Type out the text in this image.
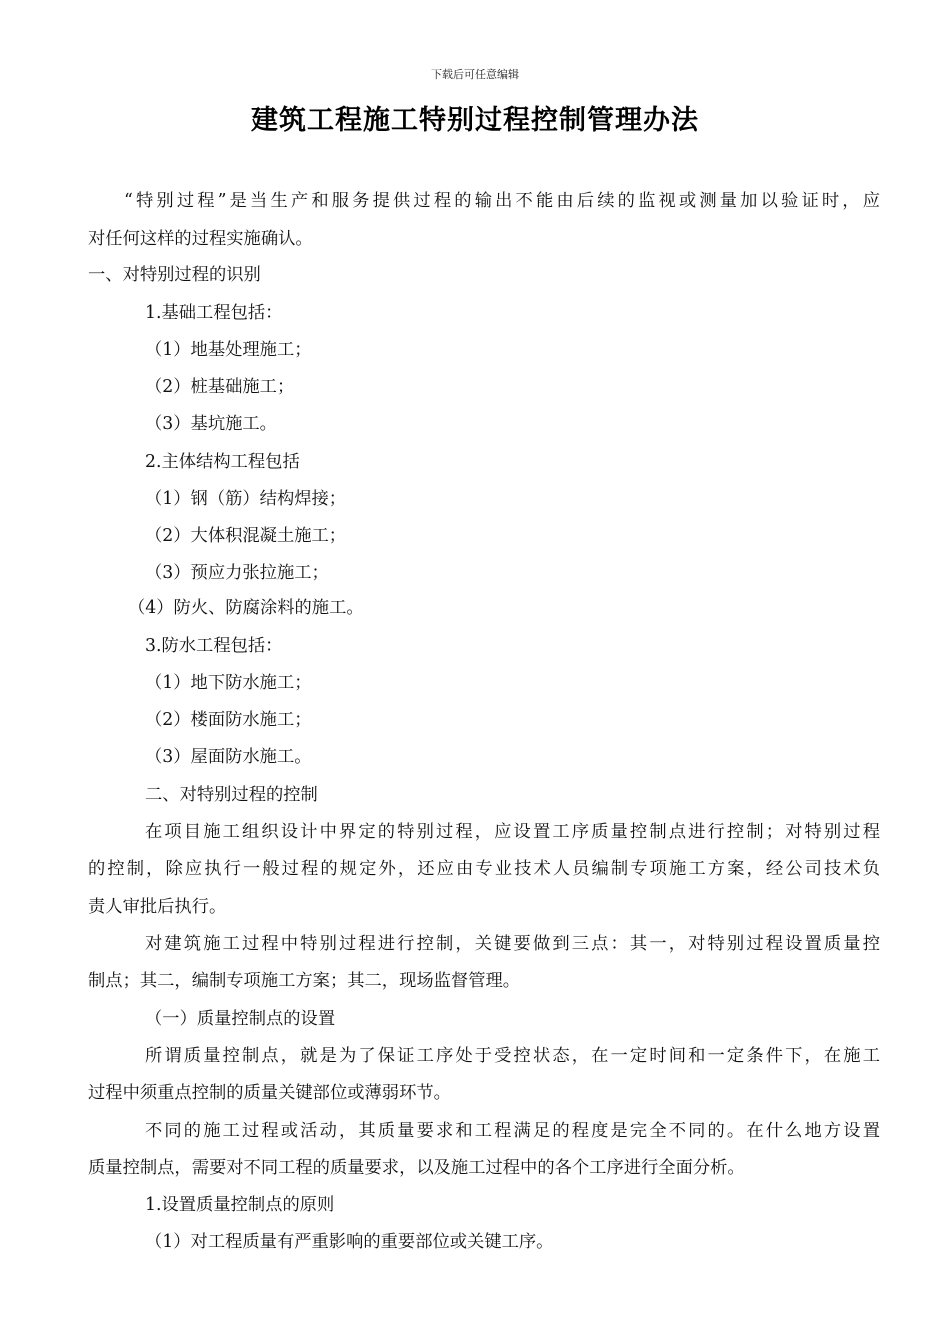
下载后可任意编辑
建筑工程施工特别过程控制管理办法
“特别过程”是当生产和服务提供过程的输出不能由后续的监视或测量加以验证时，应
对任何这样的过程实施确认。
一、对特别过程的识别
1.基础工程包括：
（1）地基处理施工；
（2）桩基础施工；
（3）基坑施工。
2.主体结构工程包括
（1）钢（筋）结构焊接；
（2）大体积混凝土施工；
（3）预应力张拉施工；
（4）防火、防腐涂料的施工。
3.防水工程包括：
（1）地下防水施工；
（2）楼面防水施工；
（3）屋面防水施工。
二、对特别过程的控制
在项目施工组织设计中界定的特别过程，应设置工序质量控制点进行控制；对特别过程
的控制，除应执行一般过程的规定外，还应由专业技术人员编制专项施工方案，经公司技术负
责人审批后执行。
对建筑施工过程中特别过程进行控制，关键要做到三点：其一，对特别过程设置质量控
制点；其二，编制专项施工方案；其二，现场监督管理。
（一）质量控制点的设置
所谓质量控制点，就是为了保证工序处于受控状态，在一定时间和一定条件下，在施工
过程中须重点控制的质量关键部位或薄弱环节。
不同的施工过程或活动，其质量要求和工程满足的程度是完全不同的。在什么地方设置
质量控制点，需要对不同工程的质量要求，以及施工过程中的各个工序进行全面分析。
1.设置质量控制点的原则
（1）对工程质量有严重影响的重要部位或关键工序。
